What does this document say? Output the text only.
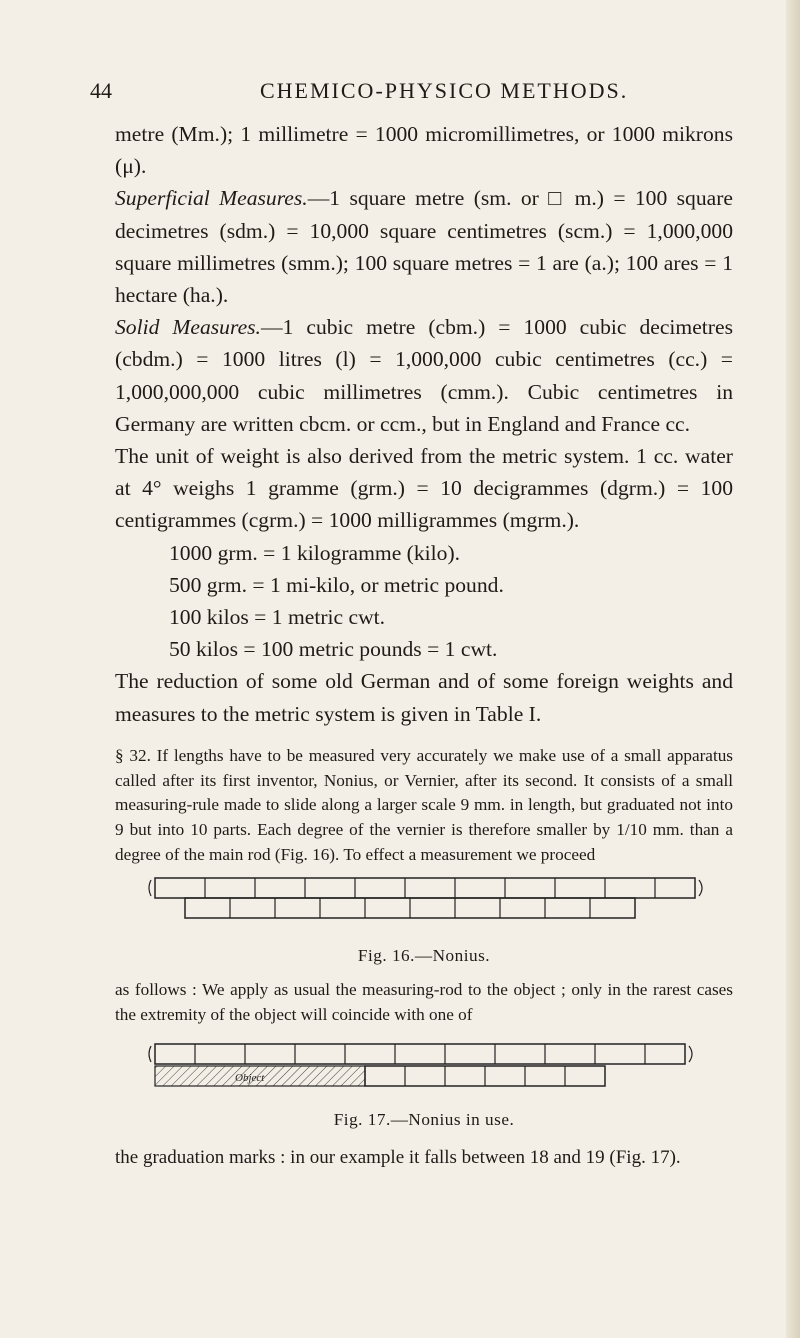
44	CHEMICO-PHYSICO METHODS.

metre (Mm.); 1 millimetre = 1000 micromillimetres, or 1000 mikrons (μ).

Superficial Measures.—1 square metre (sm. or □ m.) = 100 square decimetres (sdm.) = 10,000 square centimetres (scm.) = 1,000,000 square millimetres (smm.); 100 square metres = 1 are (a.); 100 ares = 1 hectare (ha.).

Solid Measures.—1 cubic metre (cbm.) = 1000 cubic decimetres (cbdm.) = 1000 litres (l) = 1,000,000 cubic centimetres (cc.) = 1,000,000,000 cubic millimetres (cmm.). Cubic centimetres in Germany are written cbcm. or ccm., but in England and France cc.

The unit of weight is also derived from the metric system. 1 cc. water at 4° weighs 1 gramme (grm.) = 10 decigrammes (dgrm.) = 100 centigrammes (cgrm.) = 1000 milligrammes (mgrm.).

1000 grm. = 1 kilogramme (kilo).
500 grm. = 1 mi-kilo, or metric pound.
100 kilos = 1 metric cwt.
50 kilos = 100 metric pounds = 1 cwt.

The reduction of some old German and of some foreign weights and measures to the metric system is given in Table I.

§ 32. If lengths have to be measured very accurately we make use of a small apparatus called after its first inventor, Nonius, or Vernier, after its second. It consists of a small measuring-rule made to slide along a larger scale 9 mm. in length, but graduated not into 9 but into 10 parts. Each degree of the vernier is therefore smaller by 1/10 mm. than a degree of the main rod (Fig. 16). To effect a measurement we proceed

Fig. 16.—Nonius.

as follows : We apply as usual the measuring-rod to the object ; only in the rarest cases the extremity of the object will coincide with one of

Object
Fig. 17.—Nonius in use.

the graduation marks : in our example it falls between 18 and 19 (Fig. 17).
